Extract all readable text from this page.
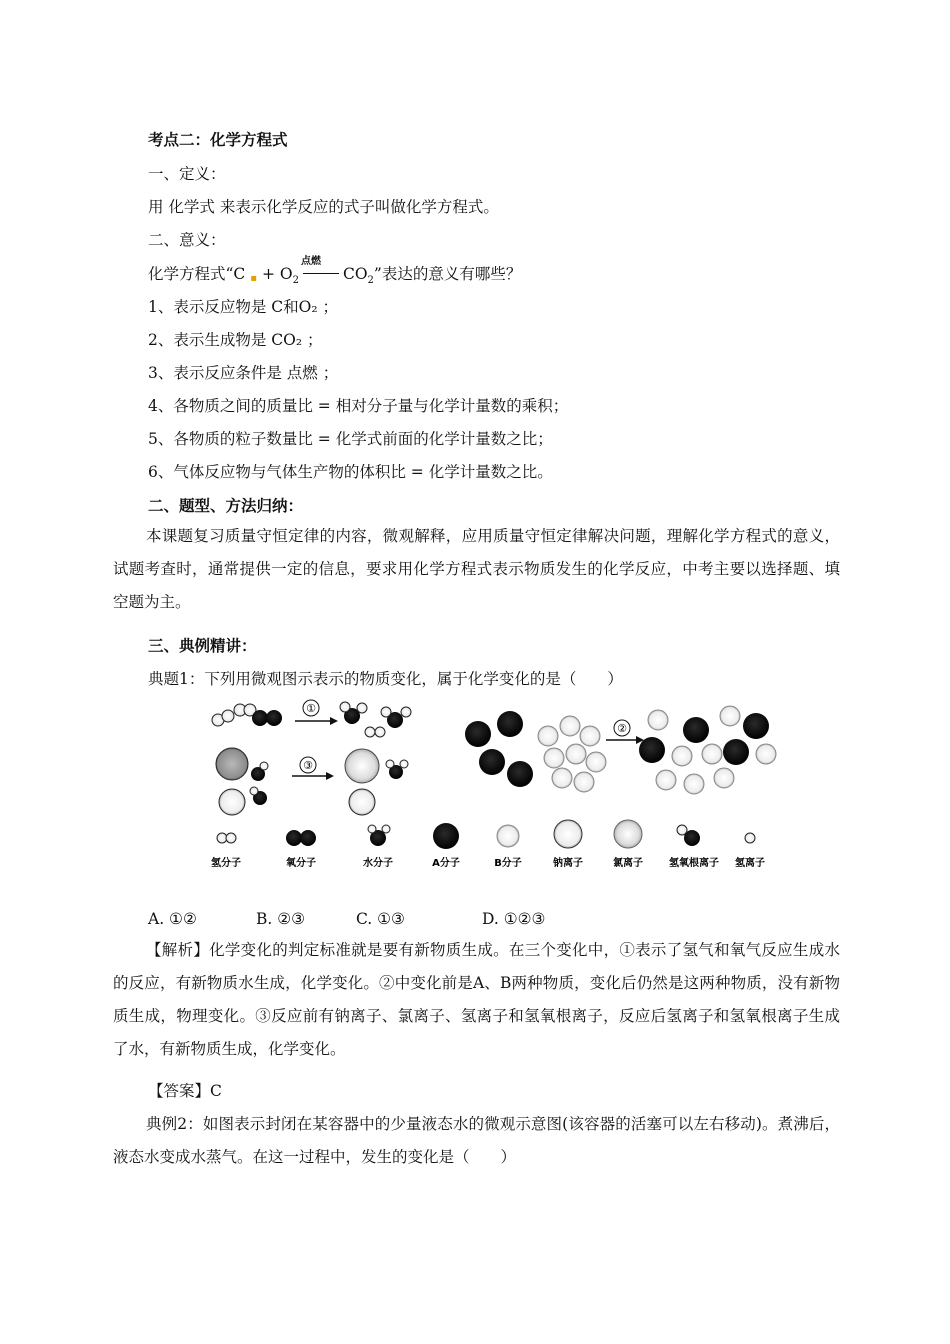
考点二：化学方程式
一、定义：
用 化学式 来表示化学反应的式子叫做化学方程式。
二、意义：
化学方程式“C ▪ + $O_2$
点燃
$CO_2$”表达的意义有哪些？
1、表示反应物是 C和O₂ ；
2、表示生成物是 CO₂ ；
3、表示反应条件是 点燃 ；
4、各物质之间的质量比 = 相对分子量与化学计量数的乘积；
5、各物质的粒子数量比 = 化学式前面的化学计量数之比；
6、气体反应物与气体生产物的体积比 = 化学计量数之比。
二、题型、方法归纳：
本课题复习质量守恒定律的内容，微观解释，应用质量守恒定律解决问题，理解化学方程式的意义，试题考查时，通常提供一定的信息，要求用化学方程式表示物质发生的化学反应，中考主要以选择题、填空题为主。
三、典例精讲：
典题1：下列用微观图示表示的物质变化，属于化学变化的是（　　）
①
③
②
氢分子	氧分子	水分子	A分子	B分子	钠离子	氯离子	氢氧根离子 氢离子
A. ①②	B. ②③	C. ①③	D. ①②③
【解析】化学变化的判定标准就是要有新物质生成。在三个变化中，①表示了氢气和氧气反应生成水的反应，有新物质水生成，化学变化。②中变化前是A、B两种物质，变化后仍然是这两种物质，没有新物质生成，物理变化。③反应前有钠离子、氯离子、氢离子和氢氧根离子，反应后氢离子和氢氧根离子生成了水，有新物质生成，化学变化。
【答案】C
典例2：如图表示封闭在某容器中的少量液态水的微观示意图(该容器的活塞可以左右移动)。煮沸后，液态水变成水蒸气。在这一过程中，发生的变化是（　　）
